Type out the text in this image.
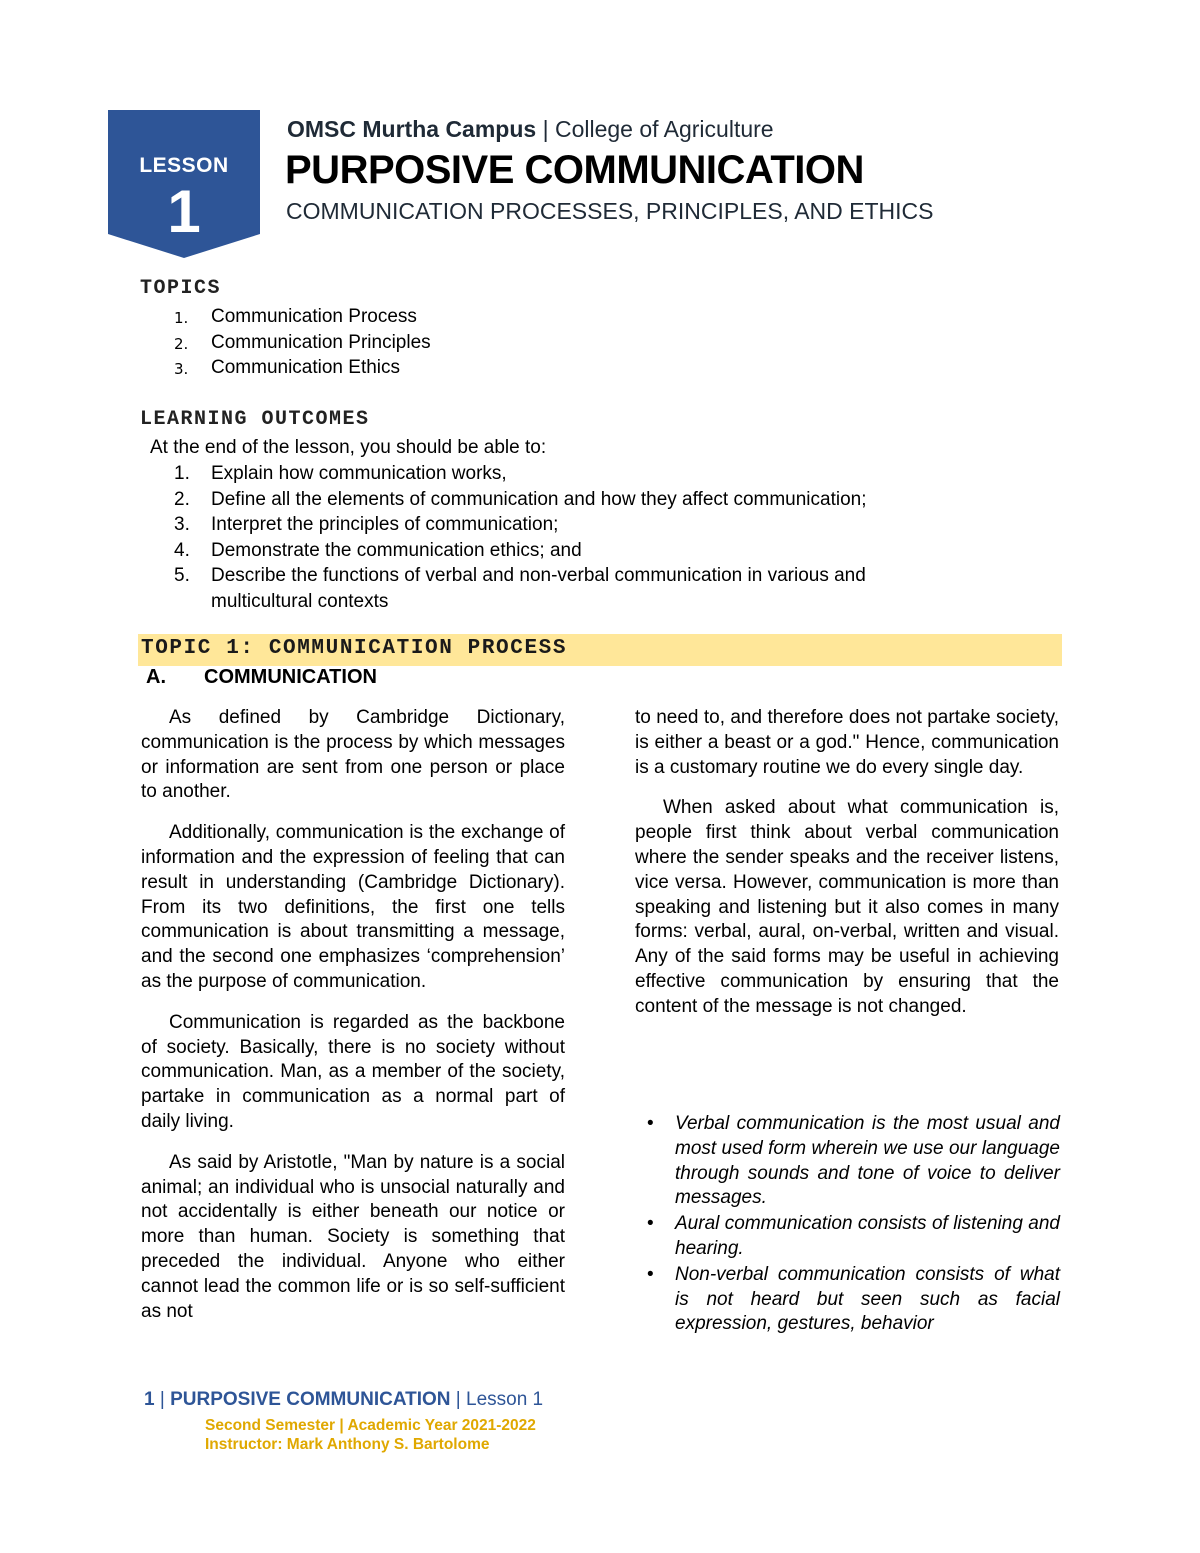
LESSON
1
OMSC Murtha Campus | College of Agriculture
PURPOSIVE COMMUNICATION
COMMUNICATION PROCESSES, PRINCIPLES, AND ETHICS
TOPICS
1. Communication Process
2. Communication Principles
3. Communication Ethics
LEARNING OUTCOMES
At the end of the lesson, you should be able to:
1. Explain how communication works,
2. Define all the elements of communication and how they affect communication;
3. Interpret the principles of communication;
4. Demonstrate the communication ethics; and
5. Describe the functions of verbal and non-verbal communication in various and multicultural contexts
TOPIC 1: COMMUNICATION PROCESS
A. COMMUNICATION

As defined by Cambridge Dictionary, communication is the process by which messages or information are sent from one person or place to another.

Additionally, communication is the exchange of information and the expression of feeling that can result in understanding (Cambridge Dictionary). From its two definitions, the first one tells communication is about transmitting a message, and the second one emphasizes ‘comprehension’ as the purpose of communication.

Communication is regarded as the backbone of society. Basically, there is no society without communication. Man, as a member of the society, partake in communication as a normal part of daily living.

As said by Aristotle, "Man by nature is a social animal; an individual who is unsocial naturally and not accidentally is either beneath our notice or more than human. Society is something that preceded the individual. Anyone who either cannot lead the common life or is so self-sufficient as not

to need to, and therefore does not partake society, is either a beast or a god." Hence, communication is a customary routine we do every single day.

When asked about what communication is, people first think about verbal communication where the sender speaks and the receiver listens, vice versa. However, communication is more than speaking and listening but it also comes in many forms: verbal, aural, on-verbal, written and visual. Any of the said forms may be useful in achieving effective communication by ensuring that the content of the message is not changed.

• Verbal communication is the most usual and most used form wherein we use our language through sounds and tone of voice to deliver messages.
• Aural communication consists of listening and hearing.
• Non-verbal communication consists of what is not heard but seen such as facial expression, gestures, behavior
1 | PURPOSIVE COMMUNICATION | Lesson 1
Second Semester | Academic Year 2021-2022
Instructor: Mark Anthony S. Bartolome
